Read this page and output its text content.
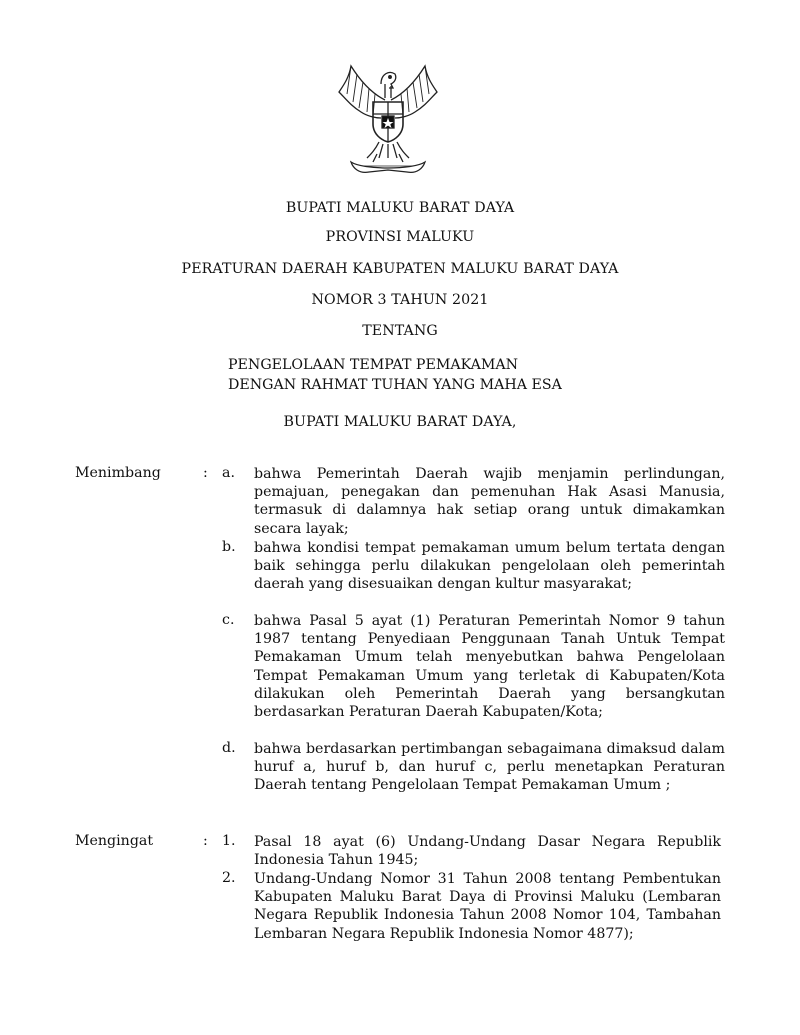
BUPATI MALUKU BARAT DAYA
PROVINSI MALUKU
PERATURAN DAERAH KABUPATEN MALUKU BARAT DAYA
NOMOR 3 TAHUN 2021
TENTANG
PENGELOLAAN TEMPAT PEMAKAMAN
DENGAN RAHMAT TUHAN YANG MAHA ESA
BUPATI MALUKU BARAT DAYA,
Menimbang	: a.	bahwa Pemerintah Daerah wajib menjamin perlindungan, pemajuan, penegakan dan pemenuhan Hak Asasi Manusia, termasuk di dalamnya hak setiap orang untuk dimakamkan secara layak;
b.	bahwa kondisi tempat pemakaman umum belum tertata dengan baik sehingga perlu dilakukan pengelolaan oleh pemerintah daerah yang disesuaikan dengan kultur masyarakat;
c.	bahwa Pasal 5 ayat (1) Peraturan Pemerintah Nomor 9 tahun 1987 tentang Penyediaan Penggunaan Tanah Untuk Tempat Pemakaman Umum telah menyebutkan bahwa Pengelolaan Tempat Pemakaman Umum yang terletak di Kabupaten/Kota dilakukan oleh Pemerintah Daerah yang bersangkutan berdasarkan Peraturan Daerah Kabupaten/Kota;
d.	bahwa berdasarkan pertimbangan sebagaimana dimaksud dalam huruf a, huruf b, dan huruf c, perlu menetapkan Peraturan Daerah tentang Pengelolaan Tempat Pemakaman Umum ;
Mengingat	: 1.	Pasal 18 ayat (6) Undang-Undang Dasar Negara Republik Indonesia Tahun 1945;
2.	Undang-Undang Nomor 31 Tahun 2008 tentang Pembentukan Kabupaten Maluku Barat Daya di Provinsi Maluku (Lembaran Negara Republik Indonesia Tahun 2008 Nomor 104, Tambahan Lembaran Negara Republik Indonesia Nomor 4877);
